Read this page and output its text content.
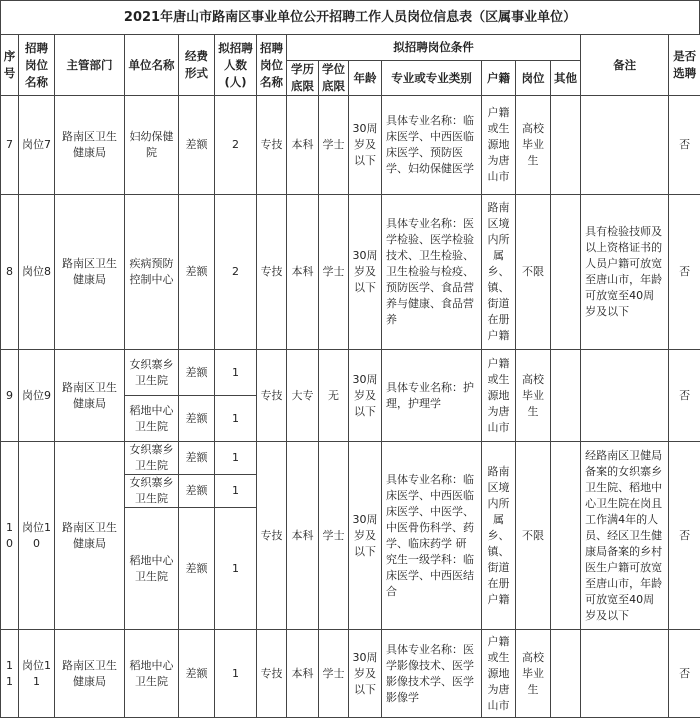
2021年唐山市路南区事业单位公开招聘工作人员岗位信息表（区属事业单位）
序号	招聘岗位名称	主管部门	单位名称	经费形式	拟招聘人数(人)	招聘岗位名称	拟招聘岗位条件							备注	是否选聘
							学历底限	学位底限	年龄	专业或专业类别	户籍	岗位	其他		
7	岗位7	路南区卫生健康局	妇幼保健院	差额	2	专技	本科	学士	30周岁及以下	具体专业名称：临床医学、中西医临床医学、预防医学、妇幼保健医学	户籍或生源地为唐山市	高校毕业生			否
8	岗位8	路南区卫生健康局	疾病预防控制中心	差额	2	专技	本科	学士	30周岁及以下	具体专业名称：医学检验、医学检验技术、卫生检验、卫生检验与检疫、预防医学、食品营养与健康、食品营养	路南区境内所属乡、镇、街道在册户籍	不限		具有检验技师及以上资格证书的人员户籍可放宽至唐山市，年龄可放宽至40周岁及以下	否
9	岗位9	路南区卫生健康局	女织寨乡卫生院	差额	1	专技	大专	无	30周岁及以下	具体专业名称：护理，护理学	户籍或生源地为唐山市	高校毕业生			否
			稻地中心卫生院	差额	1										
10	岗位10	路南区卫生健康局	女织寨乡卫生院	差额	1	专技	本科	学士	30周岁及以下	具体专业名称：临床医学、中西医临床医学、中医学、中医骨伤科学、药学、临床药学 研究生一级学科：临床医学、中西医结合	路南区境内所属乡、镇、街道在册户籍	不限		经路南区卫健局备案的女织寨乡卫生院、稻地中心卫生院在岗且工作满4年的人员、经区卫生健康局备案的乡村医生户籍可放宽至唐山市，年龄可放宽至40周岁及以下	否
			女织寨乡卫生院	差额	1										
			稻地中心卫生院	差额	1										
11	岗位11	路南区卫生健康局	稻地中心卫生院	差额	1	专技	本科	学士	30周岁及以下	具体专业名称：医学影像技术、医学影像技术学、医学影像学	户籍或生源地为唐山市	高校毕业生			否
